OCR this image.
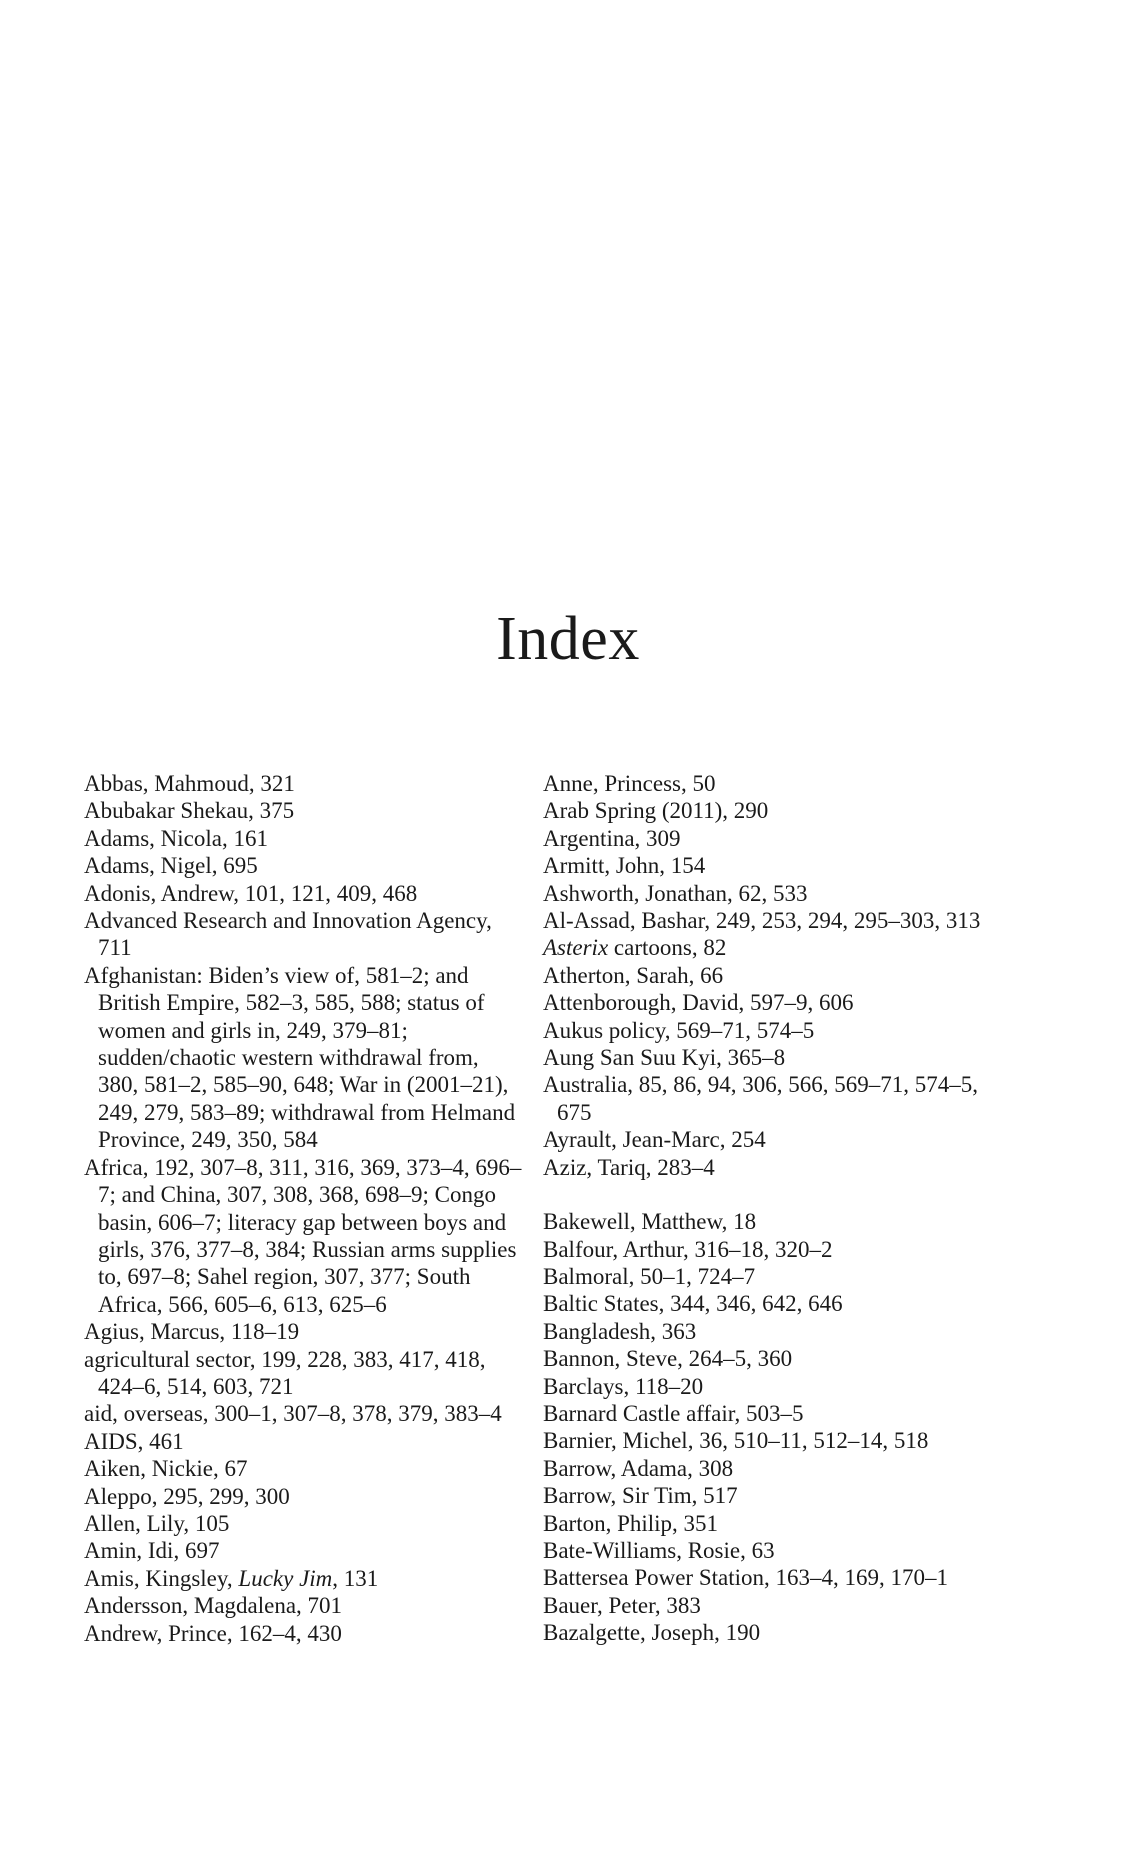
Index

Abbas, Mahmoud, 321

Abubakar Shekau, 375

Adams, Nicola, 161

Adams, Nigel, 695

Adonis, Andrew, 101, 121, 409, 468

Advanced Research and Innovation Agency, 711

Afghanistan: Biden’s view of, 581–2; and British Empire, 582–3, 585, 588; status of women and girls in, 249, 379–81; sudden/chaotic western withdrawal from, 380, 581–2, 585–90, 648; War in (2001–21), 249, 279, 583–89; withdrawal from Helmand Province, 249, 350, 584

Africa, 192, 307–8, 311, 316, 369, 373–4, 696–7; and China, 307, 308, 368, 698–9; Congo basin, 606–7; literacy gap between boys and girls, 376, 377–8, 384; Russian arms supplies to, 697–8; Sahel region, 307, 377; South Africa, 566, 605–6, 613, 625–6

Agius, Marcus, 118–19

agricultural sector, 199, 228, 383, 417, 418, 424–6, 514, 603, 721

aid, overseas, 300–1, 307–8, 378, 379, 383–4

AIDS, 461

Aiken, Nickie, 67

Aleppo, 295, 299, 300

Allen, Lily, 105

Amin, Idi, 697

Amis, Kingsley, Lucky Jim, 131

Andersson, Magdalena, 701

Andrew, Prince, 162–4, 430

Anne, Princess, 50

Arab Spring (2011), 290

Argentina, 309

Armitt, John, 154

Ashworth, Jonathan, 62, 533

Al-Assad, Bashar, 249, 253, 294, 295–303, 313

Asterix cartoons, 82

Atherton, Sarah, 66

Attenborough, David, 597–9, 606

Aukus policy, 569–71, 574–5

Aung San Suu Kyi, 365–8

Australia, 85, 86, 94, 306, 566, 569–71, 574–5, 675

Ayrault, Jean-Marc, 254

Aziz, Tariq, 283–4

Bakewell, Matthew, 18

Balfour, Arthur, 316–18, 320–2

Balmoral, 50–1, 724–7

Baltic States, 344, 346, 642, 646

Bangladesh, 363

Bannon, Steve, 264–5, 360

Barclays, 118–20

Barnard Castle affair, 503–5

Barnier, Michel, 36, 510–11, 512–14, 518

Barrow, Adama, 308

Barrow, Sir Tim, 517

Barton, Philip, 351

Bate-Williams, Rosie, 63

Battersea Power Station, 163–4, 169, 170–1

Bauer, Peter, 383

Bazalgette, Joseph, 190
